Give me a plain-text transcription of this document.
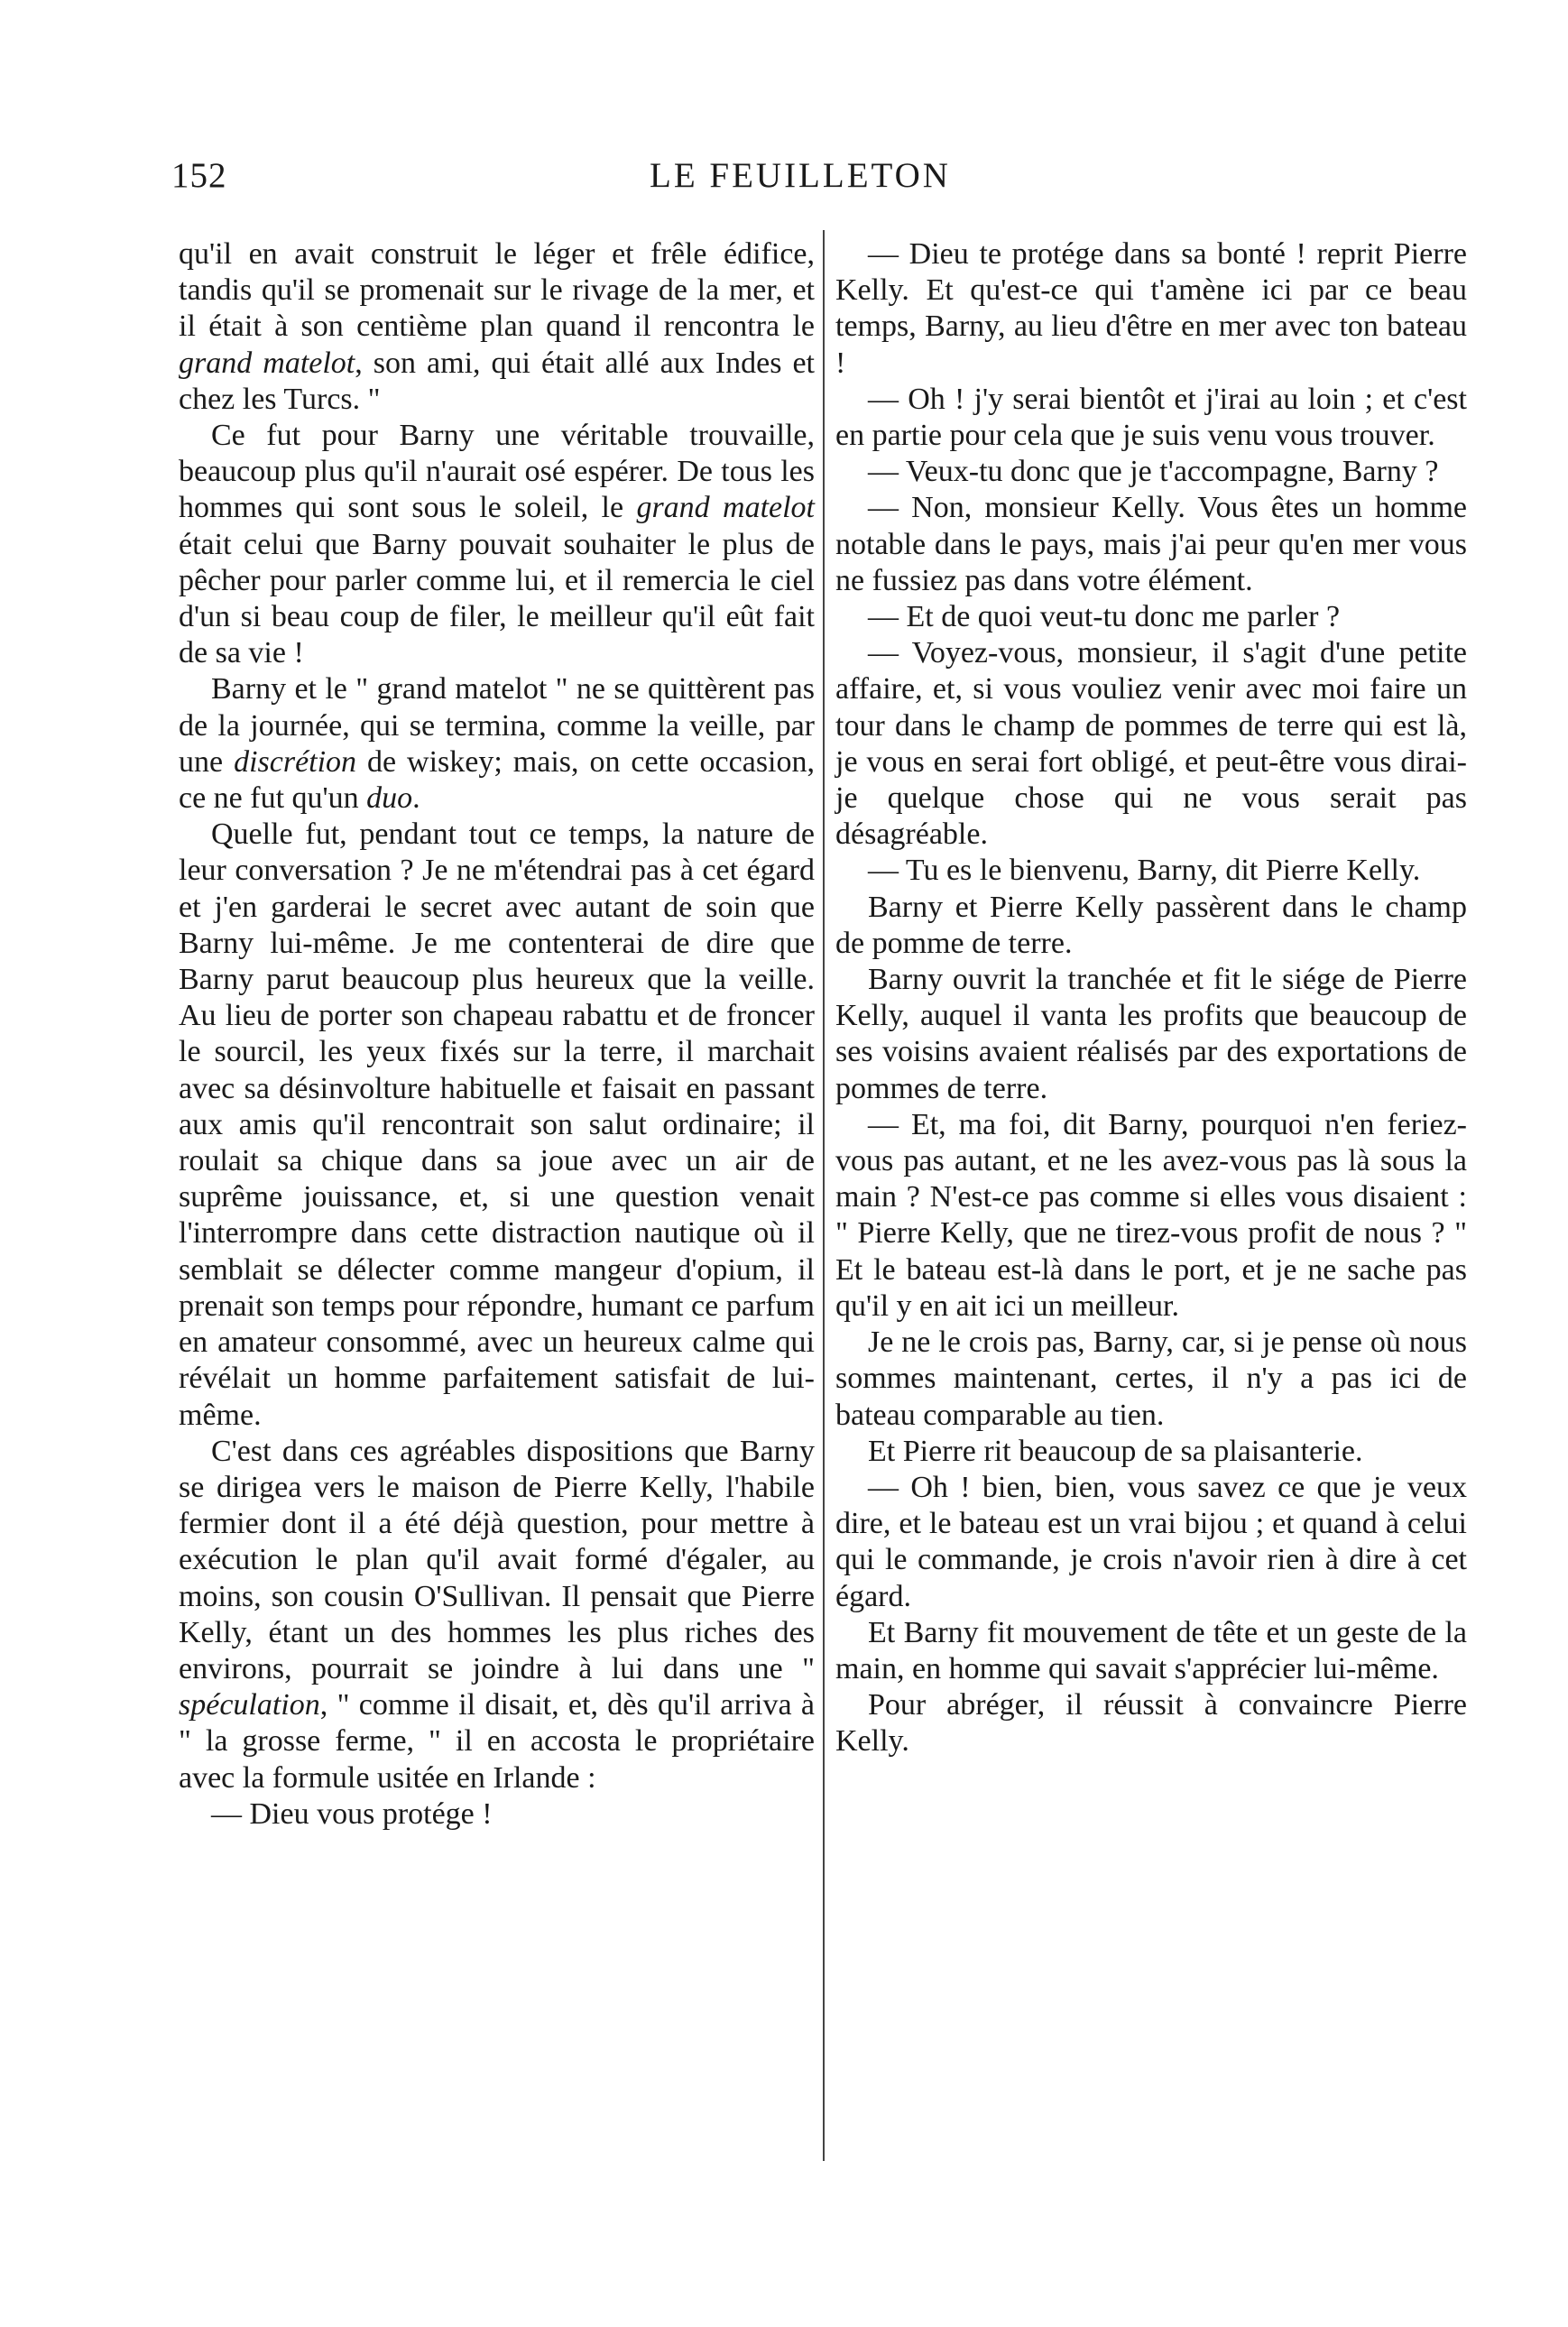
152	LE FEUILLETON

qu'il en avait construit le léger et frêle édifice, tandis qu'il se promenait sur le rivage de la mer, et il était à son centième plan quand il rencontra le grand matelot, son ami, qui était allé aux Indes et chez les Turcs. "

Ce fut pour Barny une véritable trouvaille, beaucoup plus qu'il n'aurait osé espérer. De tous les hommes qui sont sous le soleil, le grand matelot était celui que Barny pouvait souhaiter le plus de pêcher pour parler comme lui, et il remercia le ciel d'un si beau coup de filer, le meilleur qu'il eût fait de sa vie !

Barny et le " grand matelot " ne se quittèrent pas de la journée, qui se termina, comme la veille, par une discrétion de wiskey; mais, on cette occasion, ce ne fut qu'un duo.

Quelle fut, pendant tout ce temps, la nature de leur conversation ? Je ne m'étendrai pas à cet égard et j'en garderai le secret avec autant de soin que Barny lui-même. Je me contenterai de dire que Barny parut beaucoup plus heureux que la veille. Au lieu de porter son chapeau rabattu et de froncer le sourcil, les yeux fixés sur la terre, il marchait avec sa désinvolture habituelle et faisait en passant aux amis qu'il rencontrait son salut ordinaire; il roulait sa chique dans sa joue avec un air de suprême jouissance, et, si une question venait l'interrompre dans cette distraction nautique où il semblait se délecter comme mangeur d'opium, il prenait son temps pour répondre, humant ce parfum en amateur consommé, avec un heureux calme qui révélait un homme parfaitement satisfait de lui-même.

C'est dans ces agréables dispositions que Barny se dirigea vers le maison de Pierre Kelly, l'habile fermier dont il a été déjà question, pour mettre à exécution le plan qu'il avait formé d'égaler, au moins, son cousin O'Sullivan. Il pensait que Pierre Kelly, étant un des hommes les plus riches des environs, pourrait se joindre à lui dans une " spéculation, " comme il disait, et, dès qu'il arriva à " la grosse ferme, " il en accosta le propriétaire avec la formule usitée en Irlande :

— Dieu vous protége !

— Dieu te protége dans sa bonté ! reprit Pierre Kelly. Et qu'est-ce qui t'amène ici par ce beau temps, Barny, au lieu d'être en mer avec ton bateau !

— Oh ! j'y serai bientôt et j'irai au loin ; et c'est en partie pour cela que je suis venu vous trouver.

— Veux-tu donc que je t'accompagne, Barny ?

— Non, monsieur Kelly. Vous êtes un homme notable dans le pays, mais j'ai peur qu'en mer vous ne fussiez pas dans votre élément.

— Et de quoi veut-tu donc me parler ?

— Voyez-vous, monsieur, il s'agit d'une petite affaire, et, si vous vouliez venir avec moi faire un tour dans le champ de pommes de terre qui est là, je vous en serai fort obligé, et peut-être vous dirai-je quelque chose qui ne vous serait pas désagréable.

— Tu es le bienvenu, Barny, dit Pierre Kelly.

Barny et Pierre Kelly passèrent dans le champ de pomme de terre.

Barny ouvrit la tranchée et fit le siége de Pierre Kelly, auquel il vanta les profits que beaucoup de ses voisins avaient réalisés par des exportations de pommes de terre.

— Et, ma foi, dit Barny, pourquoi n'en feriez-vous pas autant, et ne les avez-vous pas là sous la main ? N'est-ce pas comme si elles vous disaient : " Pierre Kelly, que ne tirez-vous profit de nous ? " Et le bateau est-là dans le port, et je ne sache pas qu'il y en ait ici un meilleur.

Je ne le crois pas, Barny, car, si je pense où nous sommes maintenant, certes, il n'y a pas ici de bateau comparable au tien.

Et Pierre rit beaucoup de sa plaisanterie.

— Oh ! bien, bien, vous savez ce que je veux dire, et le bateau est un vrai bijou ; et quand à celui qui le commande, je crois n'avoir rien à dire à cet égard.

Et Barny fit mouvement de tête et un geste de la main, en homme qui savait s'apprécier lui-même.

Pour abréger, il réussit à convaincre Pierre Kelly.
